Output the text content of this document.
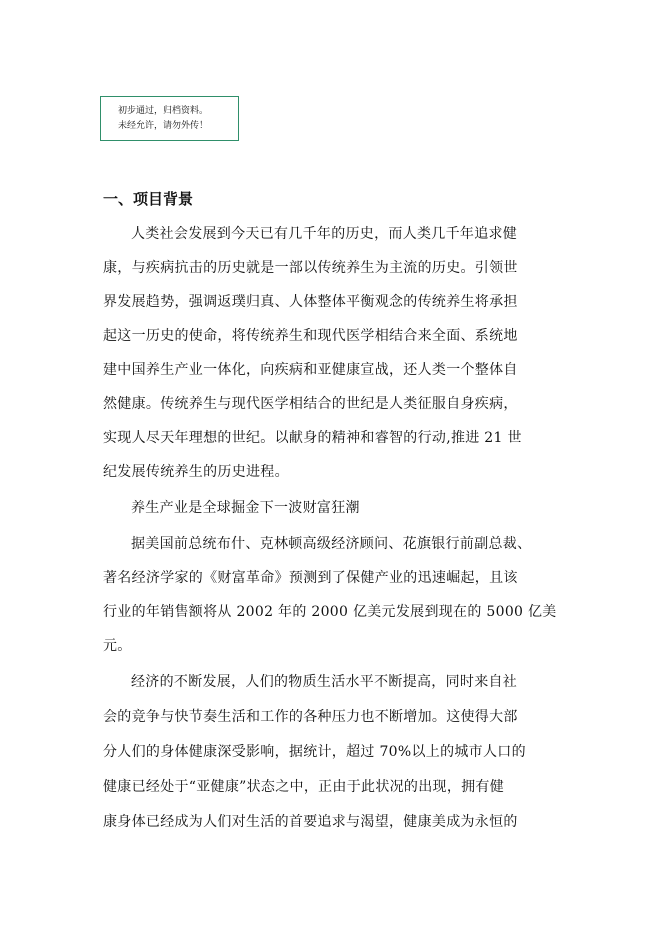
初步通过，归档资料。
未经允许，请勿外传！
一、项目背景
人类社会发展到今天已有几千年的历史，而人类几千年追求健
康，与疾病抗击的历史就是一部以传统养生为主流的历史。引领世
界发展趋势，强调返璞归真、人体整体平衡观念的传统养生将承担
起这一历史的使命，将传统养生和现代医学相结合来全面、系统地
建中国养生产业一体化，向疾病和亚健康宣战，还人类一个整体自
然健康。传统养生与现代医学相结合的世纪是人类征服自身疾病，
实现人尽天年理想的世纪。以献身的精神和睿智的行动,推进 21 世
纪发展传统养生的历史进程。
养生产业是全球掘金下一波财富狂潮
据美国前总统布什、克林顿高级经济顾问、花旗银行前副总裁、
著名经济学家的《财富革命》预测到了保健产业的迅速崛起，且该
行业的年销售额将从 2002 年的 2000 亿美元发展到现在的 5000 亿美
元。
经济的不断发展，人们的物质生活水平不断提高，同时来自社
会的竞争与快节奏生活和工作的各种压力也不断增加。这使得大部
分人们的身体健康深受影响，据统计，超过 70%以上的城市人口的
健康已经处于“亚健康”状态之中，正由于此状况的出现，拥有健
康身体已经成为人们对生活的首要追求与渴望，健康美成为永恒的
